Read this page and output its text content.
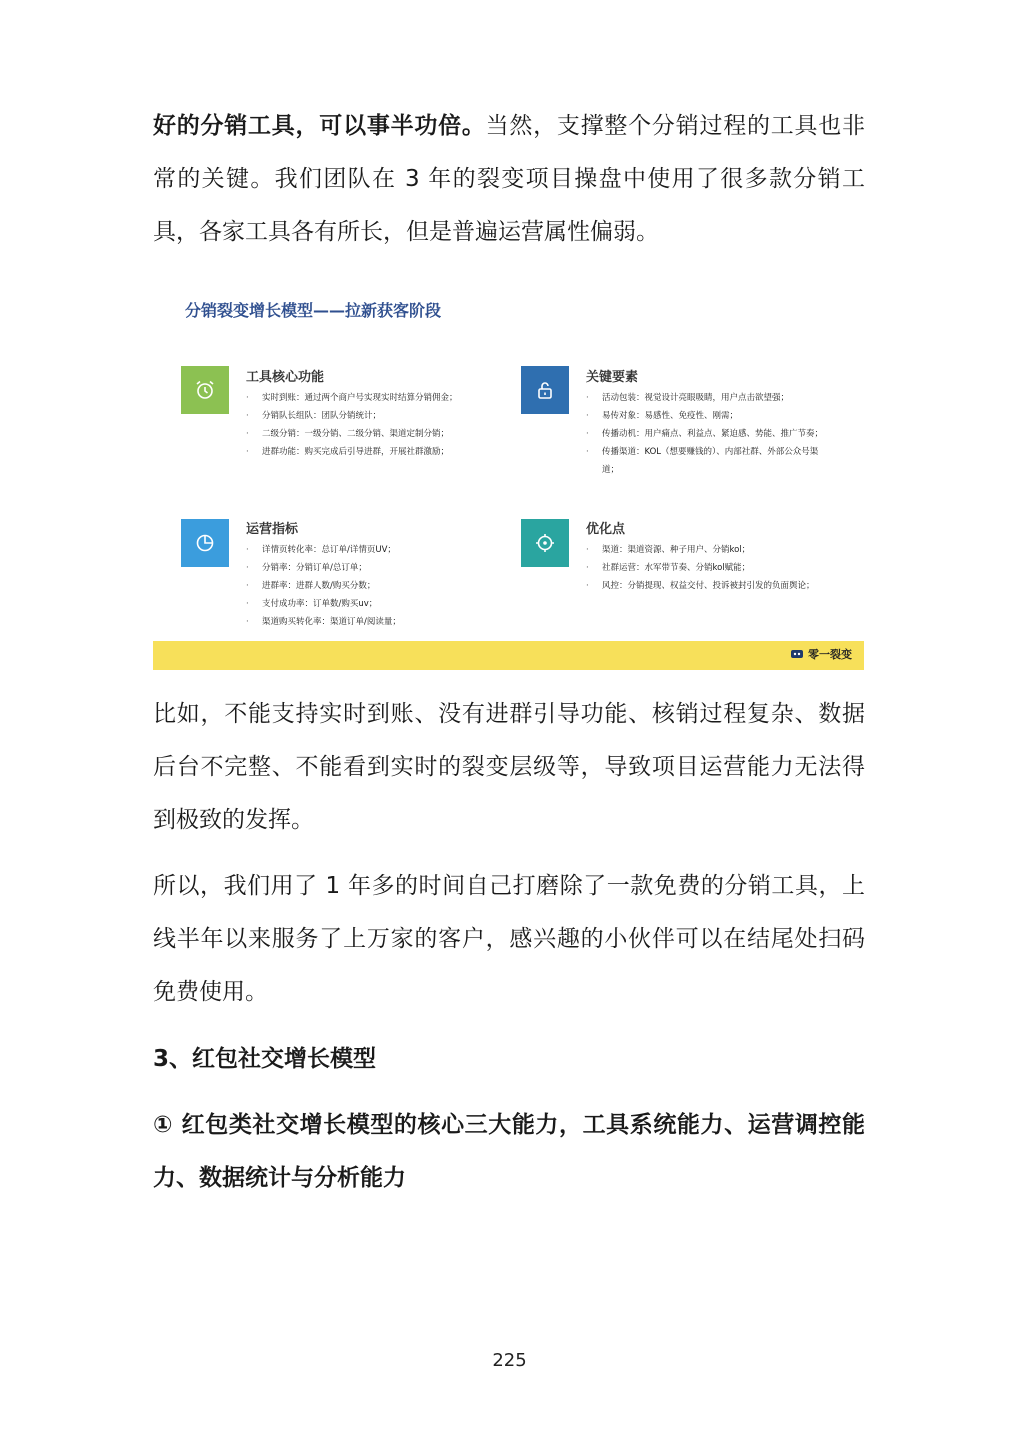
好的分销工具，可以事半功倍。当然，支撑整个分销过程的工具也非常的关键。我们团队在 3 年的裂变项目操盘中使用了很多款分销工具，各家工具各有所长，但是普遍运营属性偏弱。

分销裂变增长模型——拉新获客阶段
工具核心功能
· 实时到账：通过两个商户号实现实时结算分销佣金；
· 分销队长组队：团队分销统计；
· 二级分销：一级分销、二级分销、渠道定制分销；
· 进群功能：购买完成后引导进群，开展社群激励；
关键要素
· 活动包装：视觉设计亮眼吸睛，用户点击欲望强；
· 易传对象：易感性、免疫性、刚需；
· 传播动机：用户痛点、利益点、紧迫感、势能、推广节奏；
· 传播渠道：KOL（想要赚钱的）、内部社群、外部公众号渠道；
运营指标
· 详情页转化率：总订单/详情页UV；
· 分销率：分销订单/总订单；
· 进群率：进群人数/购买分数；
· 支付成功率：订单数/购买uv；
· 渠道购买转化率：渠道订单/阅读量；
优化点
· 渠道：渠道资源、种子用户、分销kol；
· 社群运营：水军带节奏、分销kol赋能；
· 风控：分销提现、权益交付、投诉被封引发的负面舆论；
零一裂变

比如，不能支持实时到账、没有进群引导功能、核销过程复杂、数据后台不完整、不能看到实时的裂变层级等，导致项目运营能力无法得到极致的发挥。

所以，我们用了 1 年多的时间自己打磨除了一款免费的分销工具，上线半年以来服务了上万家的客户，感兴趣的小伙伴可以在结尾处扫码免费使用。

3、红包社交增长模型

① 红包类社交增长模型的核心三大能力，工具系统能力、运营调控能力、数据统计与分析能力

225
